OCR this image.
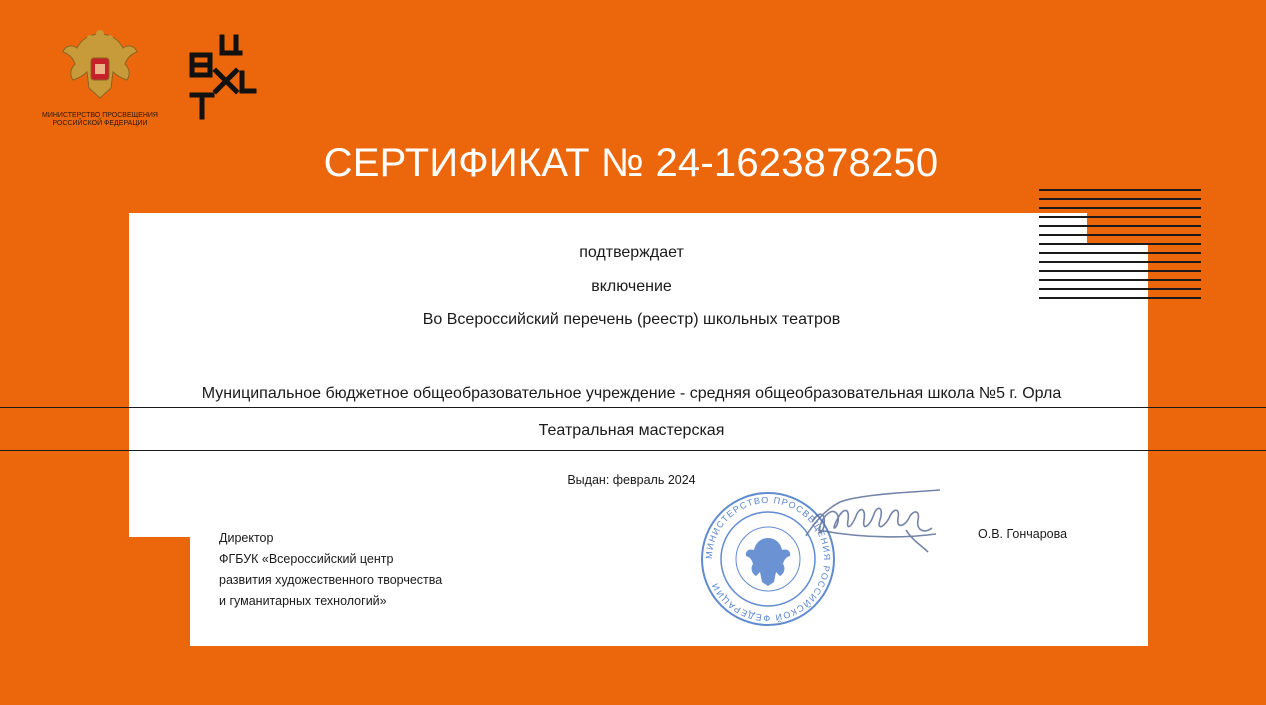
МИНИСТЕРСТВО ПРОСВЕЩЕНИЯ
РОССИЙСКОЙ ФЕДЕРАЦИИ
СЕРТИФИКАТ № 24-1623878250
подтверждает
включение
Во Всероссийский перечень (реестр) школьных театров
Муниципальное бюджетное общеобразовательное учреждение - средняя общеобразовательная школа №5 г. Орла
Театральная мастерская
Выдан: февраль 2024
Директор
ФГБУК «Всероссийский центр
развития художественного творчества
и гуманитарных технологий»
О.В. Гончарова
МИНИСТЕРСТВО ПРОСВЕЩЕНИЯ РОССИЙСКОЙ ФЕДЕРАЦИИ
